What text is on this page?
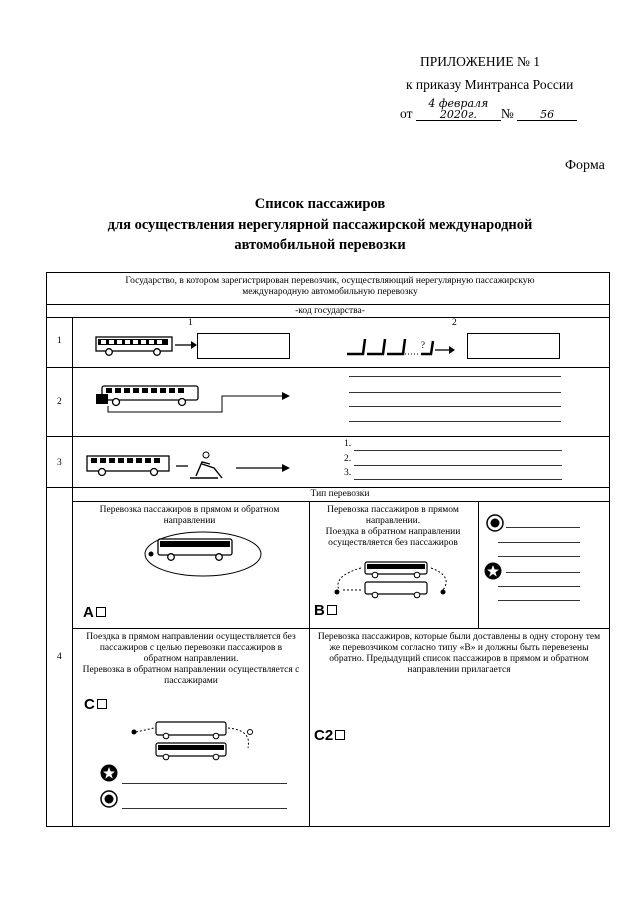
ПРИЛОЖЕНИЕ № 1
к приказу Минтранса России
от 4 февраля 2020г. № 56
Форма
Список пассажиров
для осуществления нерегулярной пассажирской международной
автомобильной перевозки
Государство, в котором зарегистрирован перевозчик, осуществляющий нерегулярную пассажирскую
международную автомобильную перевозку
-код государства-
1	2
1
2
3
4
?
1.
2.
3.
Тип перевозки
Перевозка пассажиров в прямом и обратном направлении
A
Перевозка пассажиров в прямом направлении.
Поездка в обратном направлении осуществляется без пассажиров
B
Поездка в прямом направлении осуществляется без пассажиров с целью перевозки пассажиров в обратном направлении.
Перевозка в обратном направлении осуществляется с пассажирами
C
Перевозка пассажиров, которые были доставлены в одну сторону тем же перевозчиком согласно типу «B» и должны быть перевезены обратно. Предыдущий список пассажиров в прямом и обратном направлении прилагается
C2
